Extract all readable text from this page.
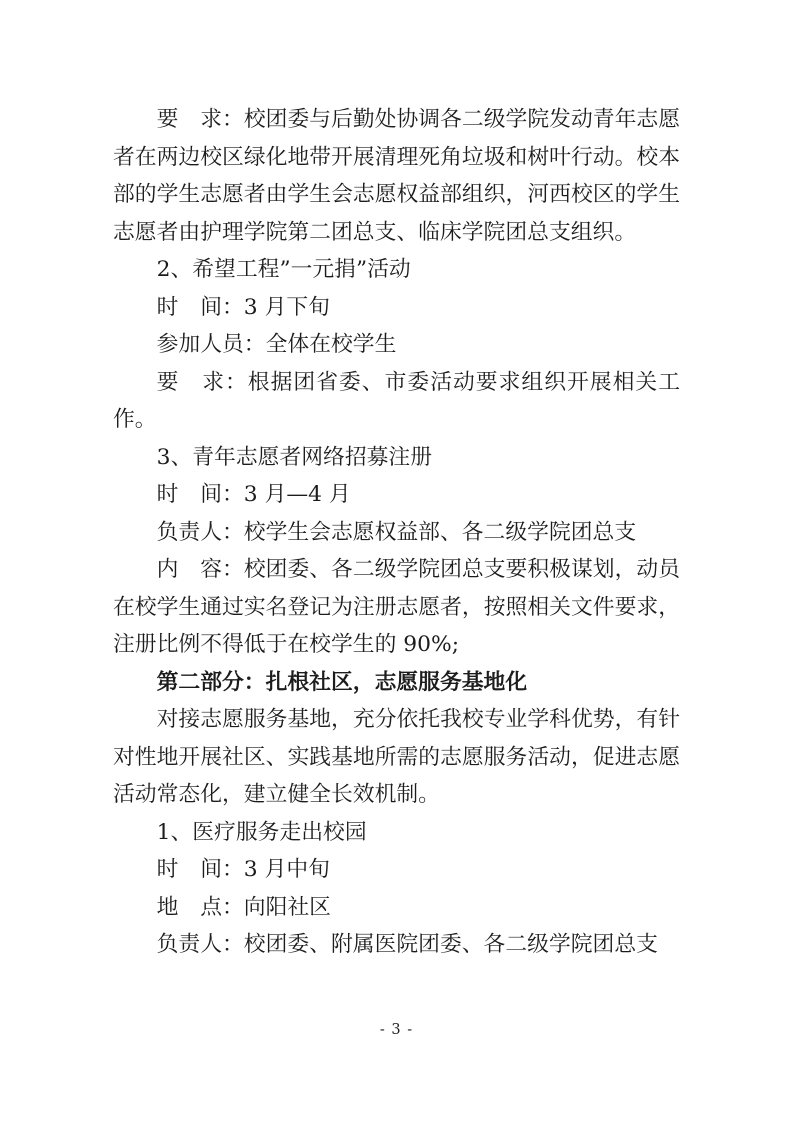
要　求：校团委与后勤处协调各二级学院发动青年志愿者在两边校区绿化地带开展清理死角垃圾和树叶行动。校本部的学生志愿者由学生会志愿权益部组织，河西校区的学生志愿者由护理学院第二团总支、临床学院团总支组织。

2、希望工程”一元捐”活动

时　间：3 月下旬

参加人员：全体在校学生

要　求：根据团省委、市委活动要求组织开展相关工作。

3、青年志愿者网络招募注册

时　间：3 月—4 月

负责人：校学生会志愿权益部、各二级学院团总支

内　容：校团委、各二级学院团总支要积极谋划，动员在校学生通过实名登记为注册志愿者，按照相关文件要求，注册比例不得低于在校学生的 90%;

第二部分：扎根社区，志愿服务基地化

对接志愿服务基地，充分依托我校专业学科优势，有针对性地开展社区、实践基地所需的志愿服务活动，促进志愿活动常态化，建立健全长效机制。

1、医疗服务走出校园

时　间：3 月中旬

地　点：向阳社区

负责人：校团委、附属医院团委、各二级学院团总支

- 3 -
